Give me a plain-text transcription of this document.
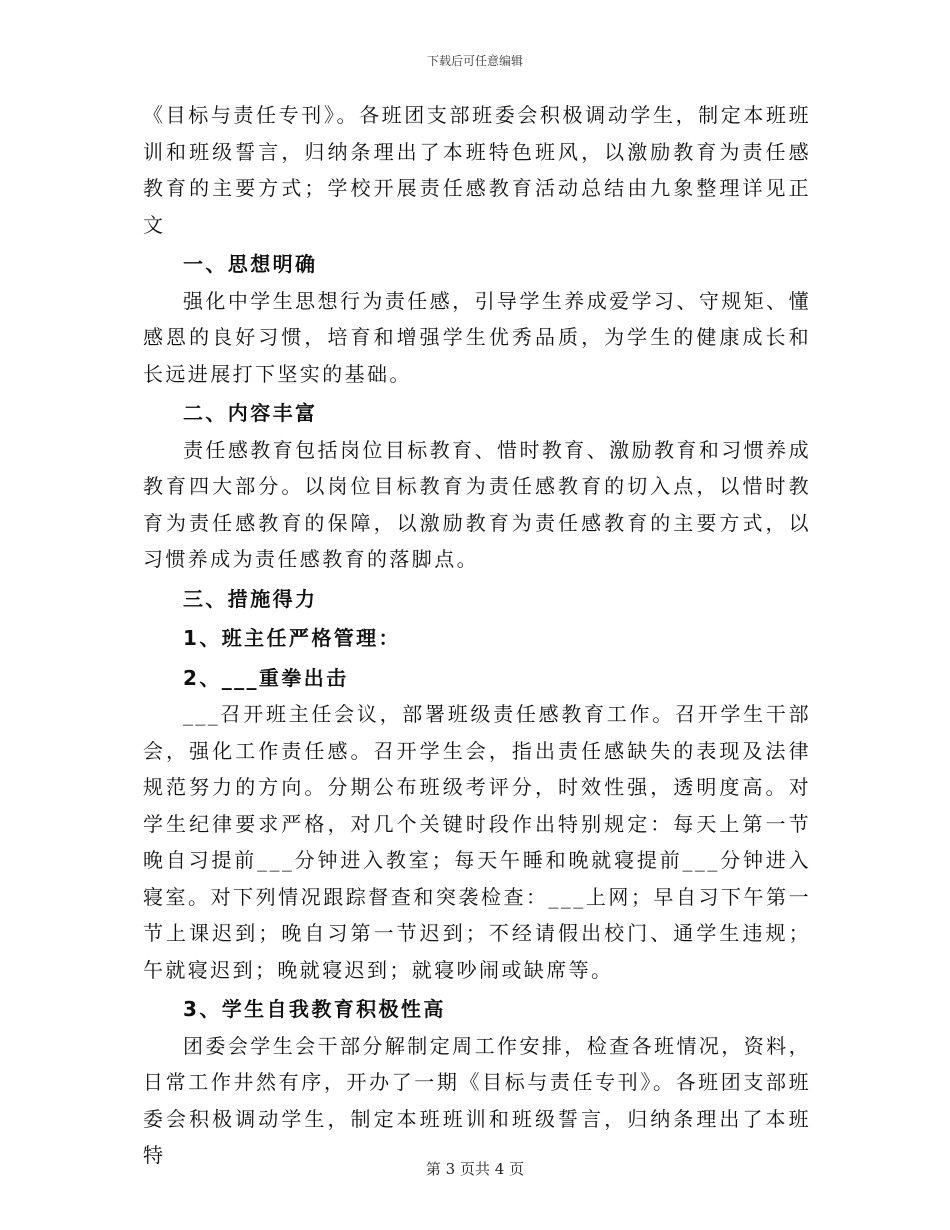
下载后可任意编辑

《目标与责任专刊》。各班团支部班委会积极调动学生，制定本班班训和班级誓言，归纳条理出了本班特色班风，以激励教育为责任感教育的主要方式；学校开展责任感教育活动总结由九象整理详见正文

一、思想明确

强化中学生思想行为责任感，引导学生养成爱学习、守规矩、懂感恩的良好习惯，培育和增强学生优秀品质，为学生的健康成长和长远进展打下坚实的基础。

二、内容丰富

责任感教育包括岗位目标教育、惜时教育、激励教育和习惯养成教育四大部分。以岗位目标教育为责任感教育的切入点，以惜时教育为责任感教育的保障，以激励教育为责任感教育的主要方式，以习惯养成为责任感教育的落脚点。

三、措施得力

1、班主任严格管理：

2、___重拳出击

___召开班主任会议，部署班级责任感教育工作。召开学生干部会，强化工作责任感。召开学生会，指出责任感缺失的表现及法律规范努力的方向。分期公布班级考评分，时效性强，透明度高。对学生纪律要求严格，对几个关键时段作出特别规定：每天上第一节晚自习提前___分钟进入教室；每天午睡和晚就寝提前___分钟进入寝室。对下列情况跟踪督查和突袭检查：___上网；早自习下午第一节上课迟到；晚自习第一节迟到；不经请假出校门、通学生违规；午就寝迟到；晚就寝迟到；就寝吵闹或缺席等。

3、学生自我教育积极性高

团委会学生会干部分解制定周工作安排，检查各班情况，资料，日常工作井然有序，开办了一期《目标与责任专刊》。各班团支部班委会积极调动学生，制定本班班训和班级誓言，归纳条理出了本班特

第 3 页共 4 页
